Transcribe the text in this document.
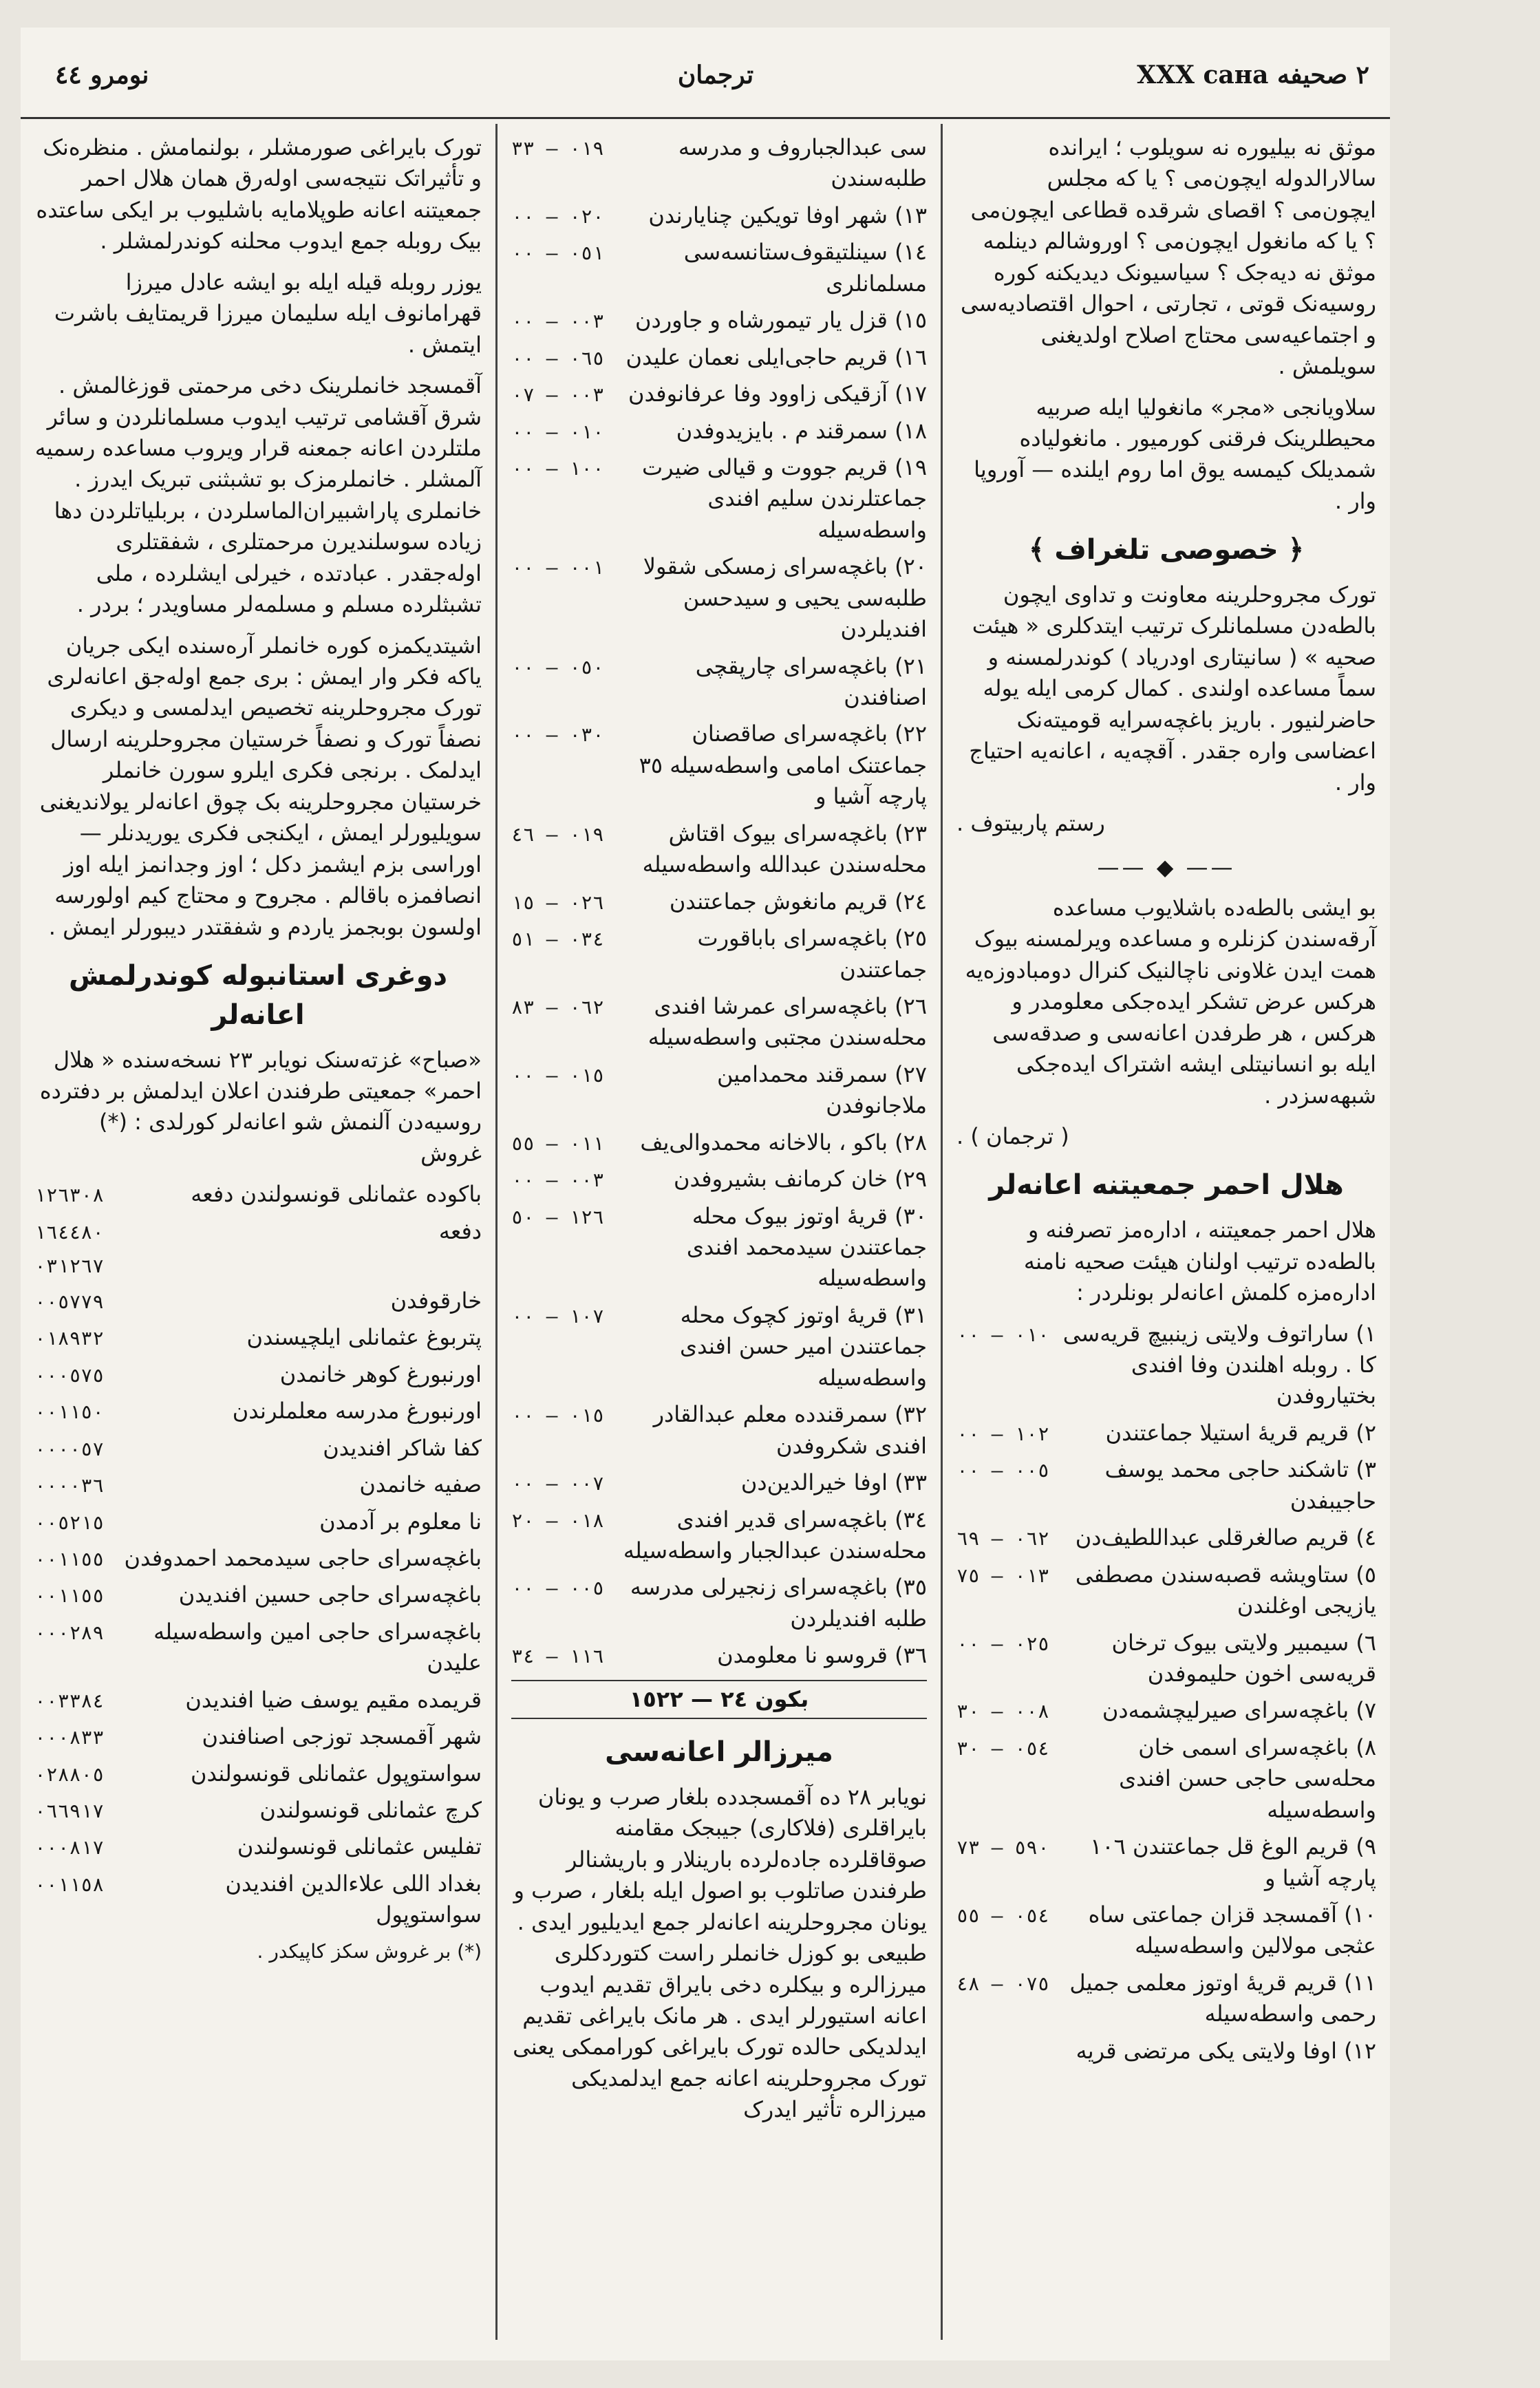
نومرو ٤٤	ترجمان	XXX сана ٢ صحیفه

موثق نه بیلیوره نه سویلوب ؛ ایرانده سالارالدوله ایچون‌می ؟ یا که مجلس ایچون‌می ؟ اقصای شرقده قطاعی ایچون‌می ؟ یا که مانغول ایچون‌می ؟ اوروشالم دینلمه موثق نه دیه‌جک ؟ سیاسیونک دیدیکنه کوره روسیه‌نک قوتی ، تجارتی ، احوال اقتصادیه‌سی و اجتماعیه‌سی محتاج اصلاح اولدیغنی سویلمش .

سلاویانجی «مجر» مانغولیا ایله صربیه محیطلرینک فرقنی کورمیور . مانغولیاده شمدیلک کیمسه یوق اما روم ایلنده — آوروپا وار .

﴿ خصوصی تلغراف ﴾

تورک مجروحلرینه معاونت و تداوی ایچون بالطه‌دن مسلمانلرک ترتیب ایتدکلری « هیئت صحیه » ( سانیتاری اودریاد ) کوندرلمسنه و سماً مساعده اولندی . کمال کرمی ایله یوله حاضرلنیور . باریز باغچه‌سرایه قومیته‌نک اعضاسی واره جقدر . آقچه‌یه ، اعانه‌یه احتیاج وار .

رستم پاربیتوف .
—— ◆ ——

بو ایشی بالطه‌ده باشلایوب مساعده آرقه‌سندن کزنلره و مساعده ویرلمسنه بیوک همت ایدن غلاونی ناچالنیک کنرال دومبادوزه‌یه هرکس عرض تشکر ایده‌جکی معلومدر و هرکس ، هر طرفدن اعانه‌سی و صدقه‌سی ایله بو انسانیتلی ایشه اشتراک ایده‌جکی شبهه‌سزدر .

( ترجمان ) .
هلال احمر جمعیتنه اعانه‌لر

هلال احمر جمعیتنه ، اداره‌مز تصرفنه و بالطه‌ده ترتیب اولنان هیئت صحیه نامنه اداره‌مزه کلمش اعانه‌لر بونلردر :

١) ساراتوف ولایتی زینبیچ قریه‌سی کا . روبله اهلندن وفا افندی بختیاروفدن
٠١٠ — ٠٠
٢) قریم قریهٔ استیلا جماعتندن
١٠٢ — ٠٠
٣) تاشکند حاجی محمد یوسف حاجیبفدن
٠٠٥ — ٠٠
٤) قریم صالغرقلی عبداللطیف‌دن
٠٦٢ — ٦٩
٥) ستاویشه قصبه‌سندن مصطفی یازیجی اوغلندن
٠١٣ — ٧٥
٦) سیمبیر ولایتی بیوک ترخان قریه‌سی اخون حلیموفدن
٠٢٥ — ٠٠
٧) باغچه‌سرای صیرلیچشمه‌دن
٠٠٨ — ٣٠
٨) باغچه‌سرای اسمی خان محله‌سی حاجی حسن افندی واسطه‌سیله
٠٥٤ — ٣٠
٩) قریم الوغ قل جماعتندن ١٠٦ پارچه آشیا و
٥٩٠ — ٧٣
١٠) آقمسجد قزان جماعتی ساه عثجی مولالین واسطه‌سیله
٠٥٤ — ٥٥
١١) قریم قریهٔ اوتوز معلمی جمیل رحمی واسطه‌سیله
٠٧٥ — ٤٨
١٢) اوفا ولایتی یکی مرتضی قریه‌
سی عبدالجباروف و مدرسه طلبه‌سندن
٠١٩ — ٣٣
١٣) شهر اوفا تویکین چنایارندن
٠٢٠ — ٠٠
١٤) سینلتیقوف‌ستانسه‌سی مسلمانلری
٠٥١ — ٠٠
١٥) قزل یار تیمورشاه و جاوردن
٠٠٣ — ٠٠
١٦) قریم حاجی‌ایلی نعمان علیدن
٠٦٥ — ٠٠
١٧) آزقیکی زاوود وفا عرفانوفدن
٠٠٣ — ٠٧
١٨) سمرقند م . بایزیدوفدن
٠١٠ — ٠٠
١٩) قریم جووت و قیالی ضیرت جماعتلرندن سلیم افندی واسطه‌سیله
١٠٠ — ٠٠
٢٠) باغچه‌سرای زمسکی شقولا طلبه‌سی یحیی و سیدحسن افندیلردن
٠٠١ — ٠٠
٢١) باغچه‌سرای چارپقچی اصنافندن
٠٥٠ — ٠٠
٢٢) باغچه‌سرای صاقصنان جماعتنک امامی واسطه‌سیله ٣٥ پارچه آشیا و
٠٣٠ — ٠٠
٢٣) باغچه‌سرای بیوک اقتاش محله‌سندن عبدالله واسطه‌سیله
٠١٩ — ٤٦
٢٤) قریم مانغوش جماعتندن
٠٢٦ — ١٥
٢٥) باغچه‌سرای باباقورت جماعتندن
٠٣٤ — ٥١
٢٦) باغچه‌سرای عمرشا افندی محله‌سندن مجتبی واسطه‌سیله
٠٦٢ — ٨٣
٢٧) سمرقند محمدامین ملاجانوفدن
٠١٥ — ٠٠
٢٨) باکو ، بالاخانه محمدوالی‌یف
٠١١ — ٥٥
٢٩) خان کرمانف بشیروفدن
٠٠٣ — ٠٠
٣٠) قریهٔ اوتوز بیوک محله جماعتندن سیدمحمد افندی واسطه‌سیله
١٢٦ — ٥٠
٣١) قریهٔ اوتوز کچوک محله جماعتندن امیر حسن افندی واسطه‌سیله
١٠٧ — ٠٠
٣٢) سمرقندده معلم عبدالقادر افندی شکروفدن
٠١٥ — ٠٠
٣٣) اوفا خیرالدین‌دن
٠٠٧ — ٠٠
٣٤) باغچه‌سرای قدیر افندی‌ محله‌سندن عبدالجبار واسطه‌سیله
٠١٨ — ٢٠
٣٥) باغچه‌سرای زنجیرلی مدرسه طلبه افندیلردن
٠٠٥ — ٠٠
٣٦) قروسو نا معلومدن
١١٦ — ٣٤
بکون ٢٤ — ١٥٢٢
میرزالر اعانه‌سی

نویابر ٢٨ ده آقمسجدده بلغار صرب و یونان بایراقلری (فلاکاری) جیبجک مقامنه صوقاقلرده جاده‌لرده بارینلار و باریشنالر طرفندن صاتلوب بو اصول ایله بلغار ، صرب و یونان مجروحلرینه اعانه‌لر جمع ایدیلیور ایدی . طبیعی بو کوزل خانملر راست کتوردکلری میرزالره و بیکلره دخی بایراق تقدیم ایدوب اعانه استیورلر ایدی . هر مانک بایراغی تقدیم ایدلدیکی حالده تورک بایراغی کوراممکی یعنی تورک مجروحلرینه اعانه جمع ایدلمدیکی میرزالره تأثیر ایدرک

تورک بایراغی صورمشلر ، بولنمامش . منظره‌نک و تأثیراتک نتیجه‌سی اوله‌رق همان هلال احمر جمعیتنه اعانه طوپلامایه باشلیوب بر ایکی ساعتده بیک روبله جمع ایدوب محلنه کوندرلمشلر .

یوزر روبله قیله ایله بو ایشه عادل میرزا قهرامانوف ایله سلیمان میرزا قریمتایف باشرت ایتمش .

آقمسجد خانملرینک دخی مرحمتی قوزغالمش . شرق آقشامی ترتیب ایدوب مسلمانلردن و سائر ملتلردن اعانه جمعنه قرار ویروب مساعده رسمیه آلمشلر . خانملرمزک بو تشبثنی تبریک ایدرز . خانملری پاراشبیران‌الماسلردن ، بربلیاتلردن دها زیاده سوسلندیرن مرحمتلری ، شفقتلری اوله‌جقدر . عبادتده ، خیرلی ایشلرده ، ملی تشبثلرده مسلم و مسلمه‌لر مساویدر ؛ بردر .

اشیتدیکمزه کوره خانملر آره‌سنده ایکی جریان یاکه فکر وار ایمش : بری جمع اوله‌جق اعانه‌لری تورک مجروحلرینه تخصیص ایدلمسی و دیکری نصفاً تورک و نصفاً خرستیان مجروحلرینه ارسال ایدلمک . برنجی فکری ایلرو سورن خانملر خرستیان مجروحلرینه بک چوق اعانه‌لر یولاندیغنی سویلیورلر ایمش ، ایکنجی فکری یوریدنلر — اوراسی بزم ایشمز دکل ؛ اوز وجدانمز ایله اوز انصافمزه باقالم . مجروح و محتاج کیم اولورسه اولسون بوبجمز یاردم و شفقتدر دیبورلر ایمش .

دوغری استانبوله کوندرلمش اعانه‌لر

«صباح» غزته‌سنک نویابر ٢٣ نسخه‌سنده « هلال احمر» جمعیتی طرفندن اعلان ایدلمش بر دفترده روسیه‌دن آلنمش شو اعانه‌لر کورلدی : (*) غروش

باکوده عثمانلی قونسولندن دفعه
١٢٦٣٠٨
دفعه
١٦٤٤٨٠
٠٣١٢٦٧
خارقوفدن
٠٠٥٧٧٩
پتربوغ عثمانلی ایلچیسندن
٠١٨٩٣٢
اورنبورغ کوهر خانمدن
٠٠٠٥٧٥
اورنبورغ مدرسه معلملرندن
٠٠١١٥٠
کفا شاکر افندیدن
٠٠٠٠٥٧
صفیه خانمدن
٠٠٠٠٣٦
نا معلوم بر آدمدن
٠٠٥٢١٥
باغچه‌سرای حاجی سیدمحمد احمدوفدن
٠٠١١٥٥
باغچه‌سرای حاجی حسین افندیدن
٠٠١١٥٥
باغچه‌سرای حاجی امین واسطه‌سیله علیدن
٠٠٠٢٨٩
قریمده مقیم یوسف ضیا افندیدن
٠٠٣٣٨٤
شهر آقمسجد توزجی اصنافندن
٠٠٠٨٣٣
سواستوپول عثمانلی قونسولندن
٠٢٨٨٠٥
کرچ عثمانلی قونسولندن
٠٦٦٩١٧
تفلیس عثمانلی قونسولندن
٠٠٠٨١٧
بغداد اللی علاءالدین افندیدن سواستوپول
٠٠١١٥٨
(*) بر غروش سکز کاپیکدر .
